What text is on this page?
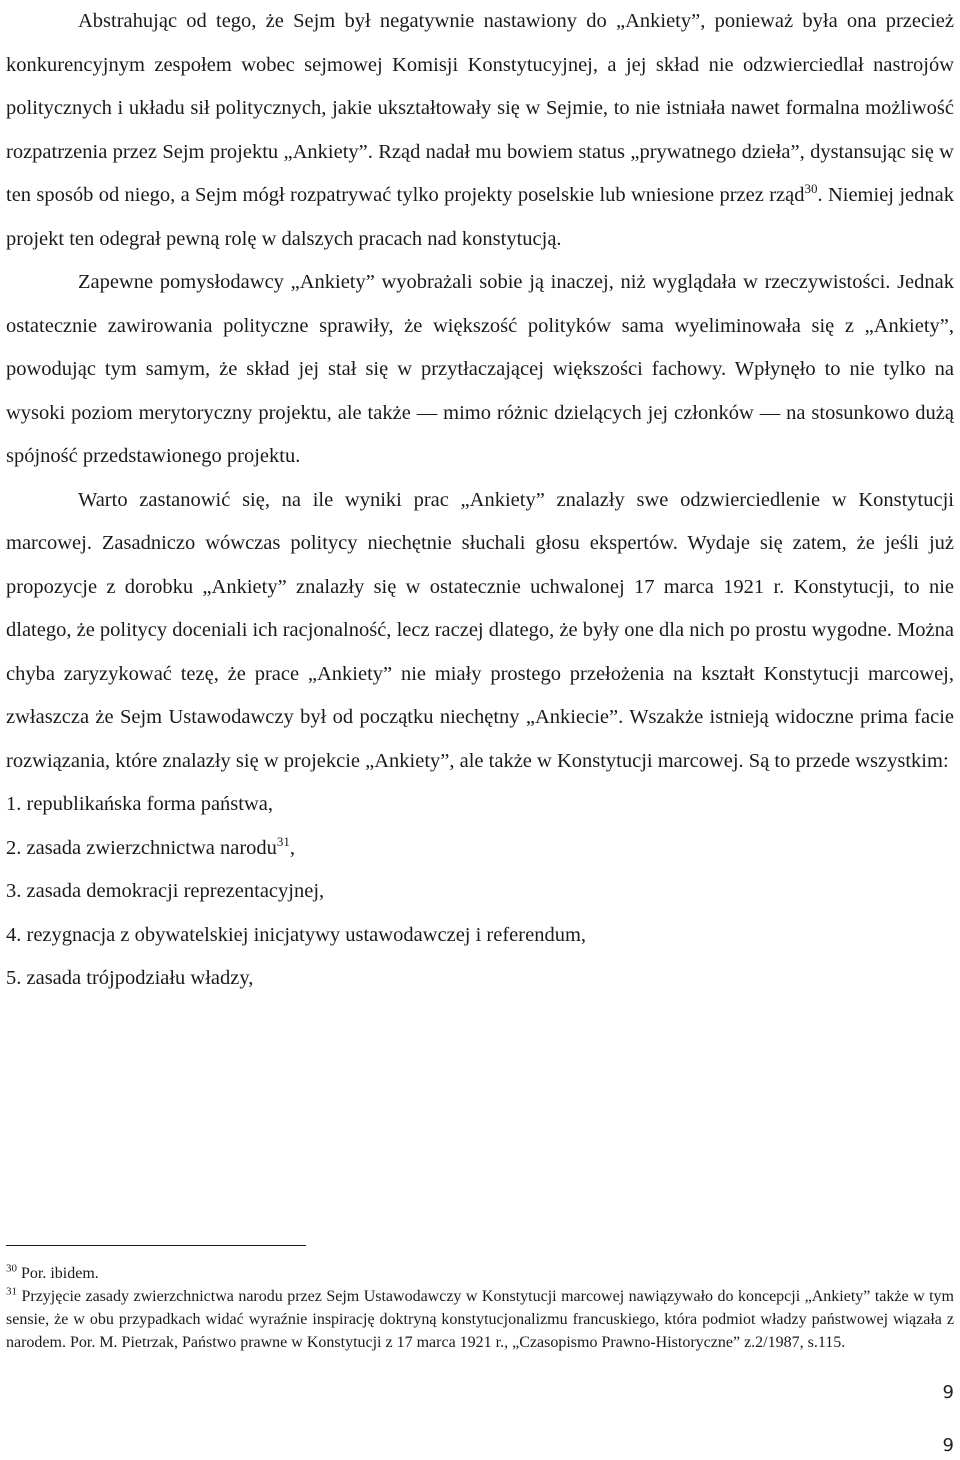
Abstrahując od tego, że Sejm był negatywnie nastawiony do „Ankiety”, ponieważ była ona przecież konkurencyjnym zespołem wobec sejmowej Komisji Konstytucyjnej, a jej skład nie odzwierciedlał nastrojów politycznych i układu sił politycznych, jakie ukształtowały się w Sejmie, to nie istniała nawet formalna możliwość rozpatrzenia przez Sejm projektu „Ankiety”. Rząd nadał mu bowiem status „prywatnego dzieła”, dystansując się w ten sposób od niego, a Sejm mógł rozpatrywać tylko projekty poselskie lub wniesione przez rząd$^{30}$. Niemiej jednak projekt ten odegrał pewną rolę w dalszych pracach nad konstytucją.

Zapewne pomysłodawcy „Ankiety” wyobrażali sobie ją inaczej, niż wyglądała w rzeczywistości. Jednak ostatecznie zawirowania polityczne sprawiły, że większość polityków sama wyeliminowała się z „Ankiety”, powodując tym samym, że skład jej stał się w przytłaczającej większości fachowy. Wpłynęło to nie tylko na wysoki poziom merytoryczny projektu, ale także — mimo różnic dzielących jej członków — na stosunkowo dużą spójność przedstawionego projektu.

Warto zastanowić się, na ile wyniki prac „Ankiety” znalazły swe odzwierciedlenie w Konstytucji marcowej. Zasadniczo wówczas politycy niechętnie słuchali głosu ekspertów. Wydaje się zatem, że jeśli już propozycje z dorobku „Ankiety” znalazły się w ostatecznie uchwalonej 17 marca 1921 r. Konstytucji, to nie dlatego, że politycy doceniali ich racjonalność, lecz raczej dlatego, że były one dla nich po prostu wygodne. Można chyba zaryzykować tezę, że prace „Ankiety” nie miały prostego przełożenia na kształt Konstytucji marcowej, zwłaszcza że Sejm Ustawodawczy był od początku niechętny „Ankiecie”. Wszakże istnieją widoczne prima facie rozwiązania, które znalazły się w projekcie „Ankiety”, ale także w Konstytucji marcowej. Są to przede wszystkim:

1. republikańska forma państwa,
2. zasada zwierzchnictwa narodu$^{31}$,
3. zasada demokracji reprezentacyjnej,
4. rezygnacja z obywatelskiej inicjatywy ustawodawczej i referendum,
5. zasada trójpodziału władzy,

$^{30}$ Por. ibidem.

$^{31}$ Przyjęcie zasady zwierzchnictwa narodu przez Sejm Ustawodawczy w Konstytucji marcowej nawiązywało do koncepcji „Ankiety” także w tym sensie, że w obu przypadkach widać wyraźnie inspirację doktryną konstytucjonalizmu francuskiego, która podmiot władzy państwowej wiązała z narodem. Por. M. Pietrzak, Państwo prawne w Konstytucji z 17 marca 1921 r., „Czasopismo Prawno-Historyczne” z.2/1987, s.115.

9
9
